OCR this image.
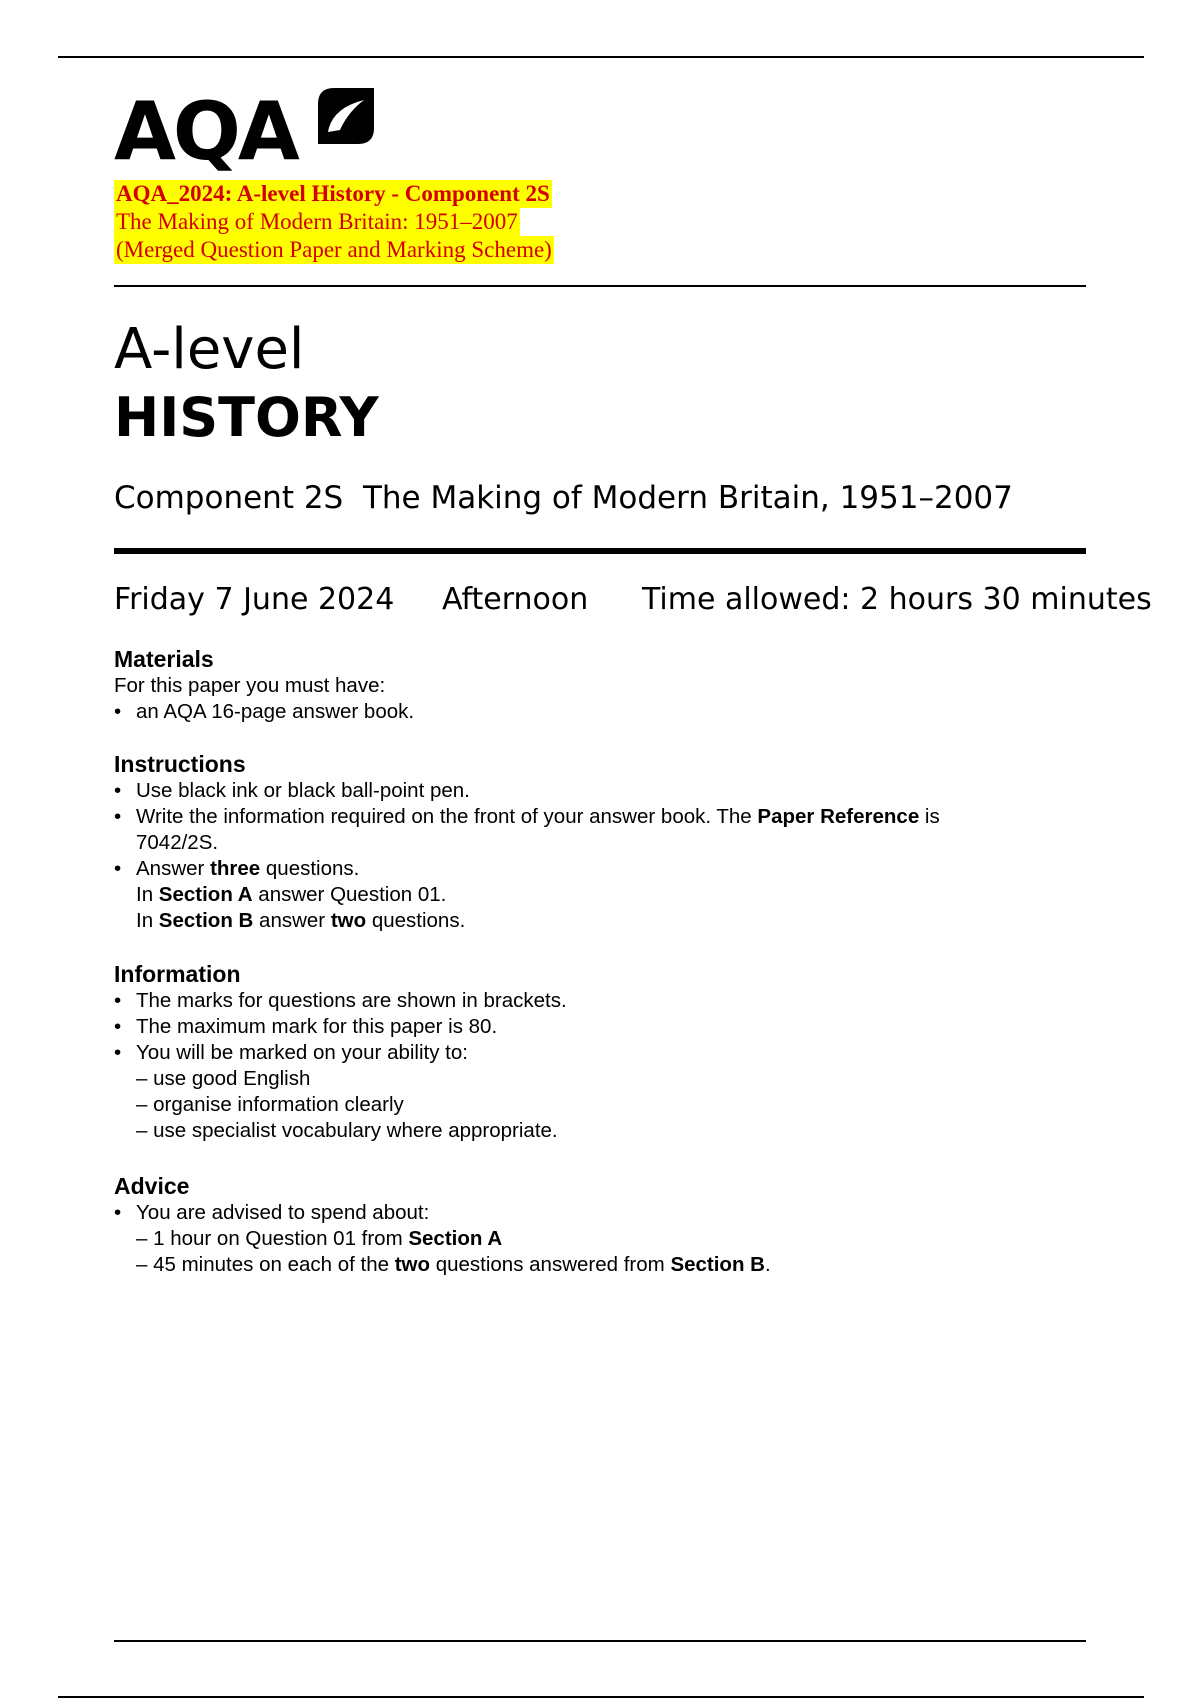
AQA
AQA_2024: A-level History - Component 2S
The Making of Modern Britain: 1951–2007
(Merged Question Paper and Marking Scheme)
A-level
HISTORY
Component 2S  The Making of Modern Britain, 1951–2007
Friday 7 June 2024 Afternoon Time allowed: 2 hours 30 minutes
Materials
For this paper you must have:
• an AQA 16-page answer book.
Instructions
• Use black ink or black ball-point pen.
• Write the information required on the front of your answer book. The Paper Reference is
7042/2S.
• Answer three questions.
In Section A answer Question 01.
In Section B answer two questions.
Information
• The marks for questions are shown in brackets.
• The maximum mark for this paper is 80.
• You will be marked on your ability to:
– use good English
– organise information clearly
– use specialist vocabulary where appropriate.
Advice
• You are advised to spend about:
– 1 hour on Question 01 from Section A
– 45 minutes on each of the two questions answered from Section B.
